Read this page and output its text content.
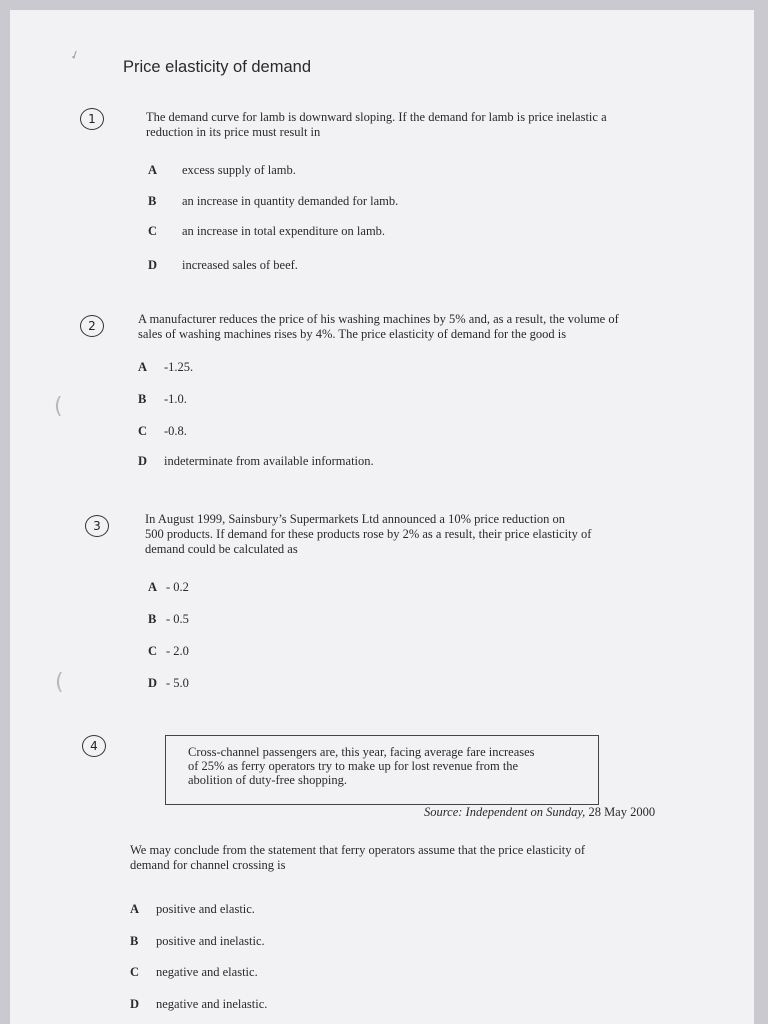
✓
Price elasticity of demand
1	The demand curve for lamb is downward sloping. If the demand for lamb is price inelastic a
reduction in its price must result in
A excess supply of lamb.
B an increase in quantity demanded for lamb.
C an increase in total expenditure on lamb.
D increased sales of beef.
2	A manufacturer reduces the price of his washing machines by 5% and, as a result, the volume of
sales of washing machines rises by 4%. The price elasticity of demand for the good is
A -1.25.
B -1.0.
C -0.8.
D indeterminate from available information.
(
3	In August 1999, Sainsbury’s Supermarkets Ltd announced a 10% price reduction on
500 products. If demand for these products rose by 2% as a result, their price elasticity of
demand could be calculated as
A - 0.2
B - 0.5
C - 2.0
D - 5.0
(
4	Cross-channel passengers are, this year, facing average fare increases
of 25% as ferry operators try to make up for lost revenue from the
abolition of duty-free shopping.
Source: Independent on Sunday, 28 May 2000
We may conclude from the statement that ferry operators assume that the price elasticity of
demand for channel crossing is
A positive and elastic.
B positive and inelastic.
C negative and elastic.
D negative and inelastic.
